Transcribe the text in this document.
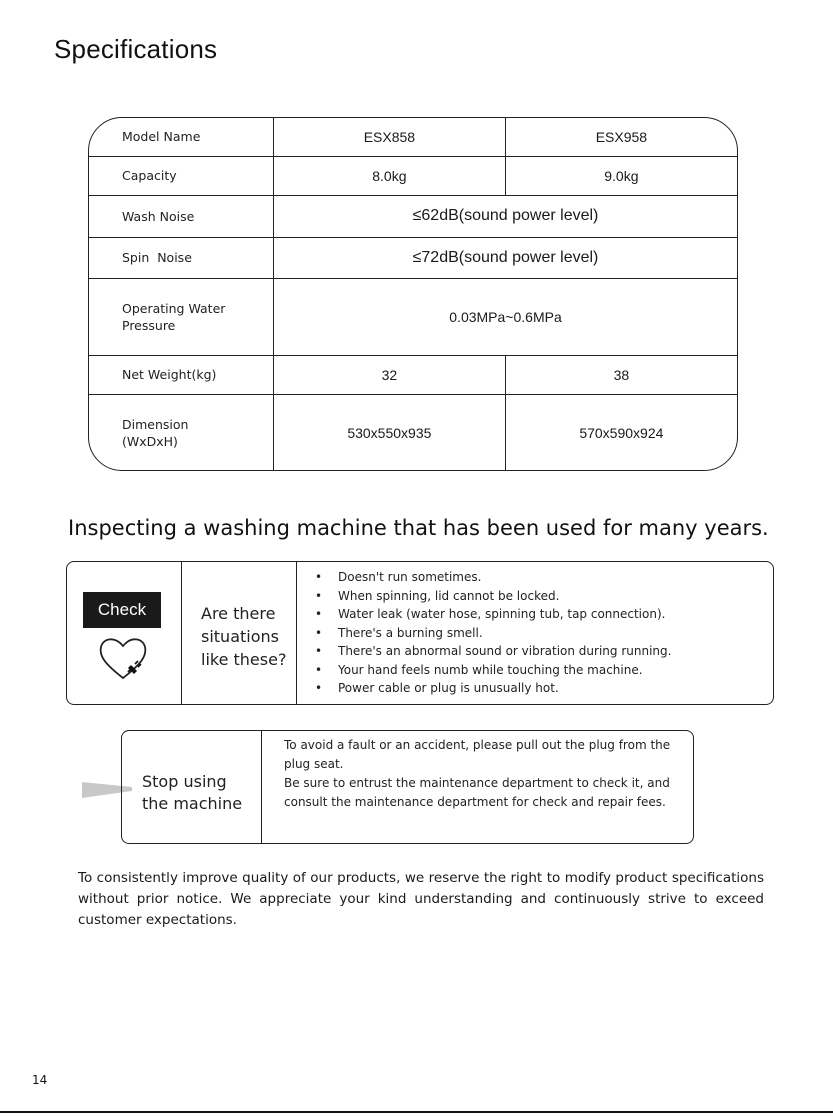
Specifications
Model Name	ESX858	ESX958
Capacity	8.0kg	9.0kg
Wash Noise	≤62dB(sound power level)	
Spin  Noise	≤72dB(sound power level)	

Operating Water
Pressure	0.03MPa~0.6MPa	
Net Weight(kg)	32	38

Dimension
(WxDxH)	530x550x935	570x590x924
Inspecting a washing machine that has been used for many years.
Check	Are there
situations
like these?
• Doesn't run sometimes.
• When spinning, lid cannot be locked.
• Water leak (water hose, spinning tub, tap connection).
• There's a burning smell.
• There's an abnormal sound or vibration during running.
• Your hand feels numb while touching the machine.
• Power cable or plug is unusually hot.
Stop using
the machine

To avoid a fault or an accident, please pull out the plug from the plug seat.

Be sure to entrust the maintenance department to check it, and consult the maintenance department for check and repair fees.

To consistently improve quality of our products, we reserve the right to modify product specifications without prior notice. We appreciate your kind understanding and continuously strive to exceed customer expectations.
14
